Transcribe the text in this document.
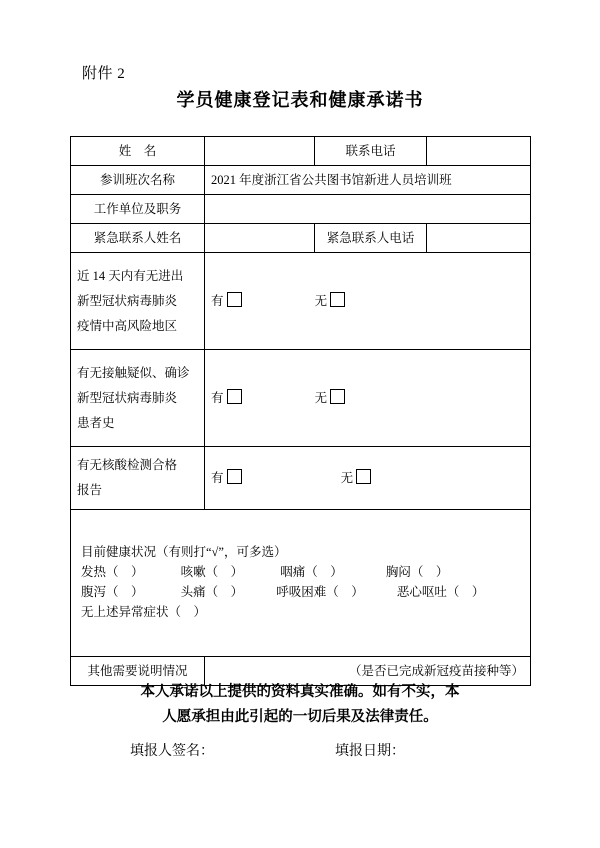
附件 2
学员健康登记表和健康承诺书
姓　名		联系电话	
参训班次名称	2021 年度浙江省公共图书馆新进人员培训班		
工作单位及职务			
紧急联系人姓名		紧急联系人电话	

近 14 天内有无进出
新型冠状病毒肺炎
疫情中高风险地区	有 无		

有无接触疑似、确诊
新型冠状病毒肺炎
患者史	有 无		

有无核酸检测合格
报告	有 无		

目前健康状况（有则打“√”，可多选）
发热（　） 咳嗽（　） 咽痛（　） 胸闷（　）
腹泻（　） 头痛（　） 呼吸困难（　） 恶心呕吐（　）
无上述异常症状（　）			

其他需要说明情况	（是否已完成新冠疫苗接种等）		
本人承诺以上提供的资料真实准确。如有不实，本
人愿承担由此引起的一切后果及法律责任。
填报人签名：	填报日期：
